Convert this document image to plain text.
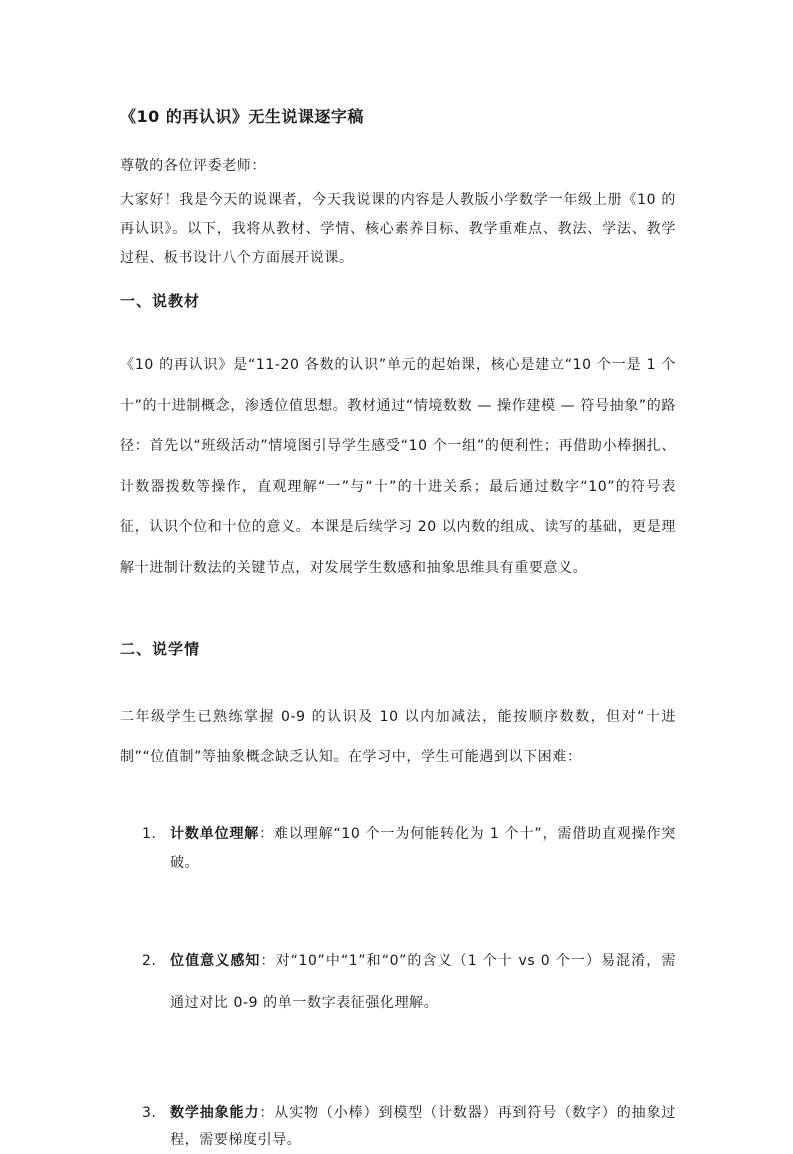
《10 的再认识》无生说课逐字稿

尊敬的各位评委老师：

大家好！我是今天的说课者，今天我说课的内容是人教版小学数学一年级上册《10 的再认识》。以下，我将从教材、学情、核心素养目标、教学重难点、教法、学法、教学过程、板书设计八个方面展开说课。

一、说教材

《10 的再认识》是“11-20 各数的认识”单元的起始课，核心是建立“10 个一是 1 个十”的十进制概念，渗透位值思想。教材通过“情境数数 — 操作建模 — 符号抽象”的路径：首先以“班级活动”情境图引导学生感受“10 个一组”的便利性；再借助小棒捆扎、计数器拨数等操作，直观理解“一”与“十”的十进关系；最后通过数字“10”的符号表征，认识个位和十位的意义。本课是后续学习 20 以内数的组成、读写的基础，更是理解十进制计数法的关键节点，对发展学生数感和抽象思维具有重要意义。

二、说学情

二年级学生已熟练掌握 0-9 的认识及 10 以内加减法，能按顺序数数，但对“十进制”“位值制”等抽象概念缺乏认知。在学习中，学生可能遇到以下困难：

1. 计数单位理解：难以理解“10 个一为何能转化为 1 个十”，需借助直观操作突破。
2. 位值意义感知：对“10”中“1”和“0”的含义（1 个十 vs 0 个一）易混淆，需通过对比 0-9 的单一数字表征强化理解。
3. 数学抽象能力：从实物（小棒）到模型（计数器）再到符号（数字）的抽象过程，需要梯度引导。
